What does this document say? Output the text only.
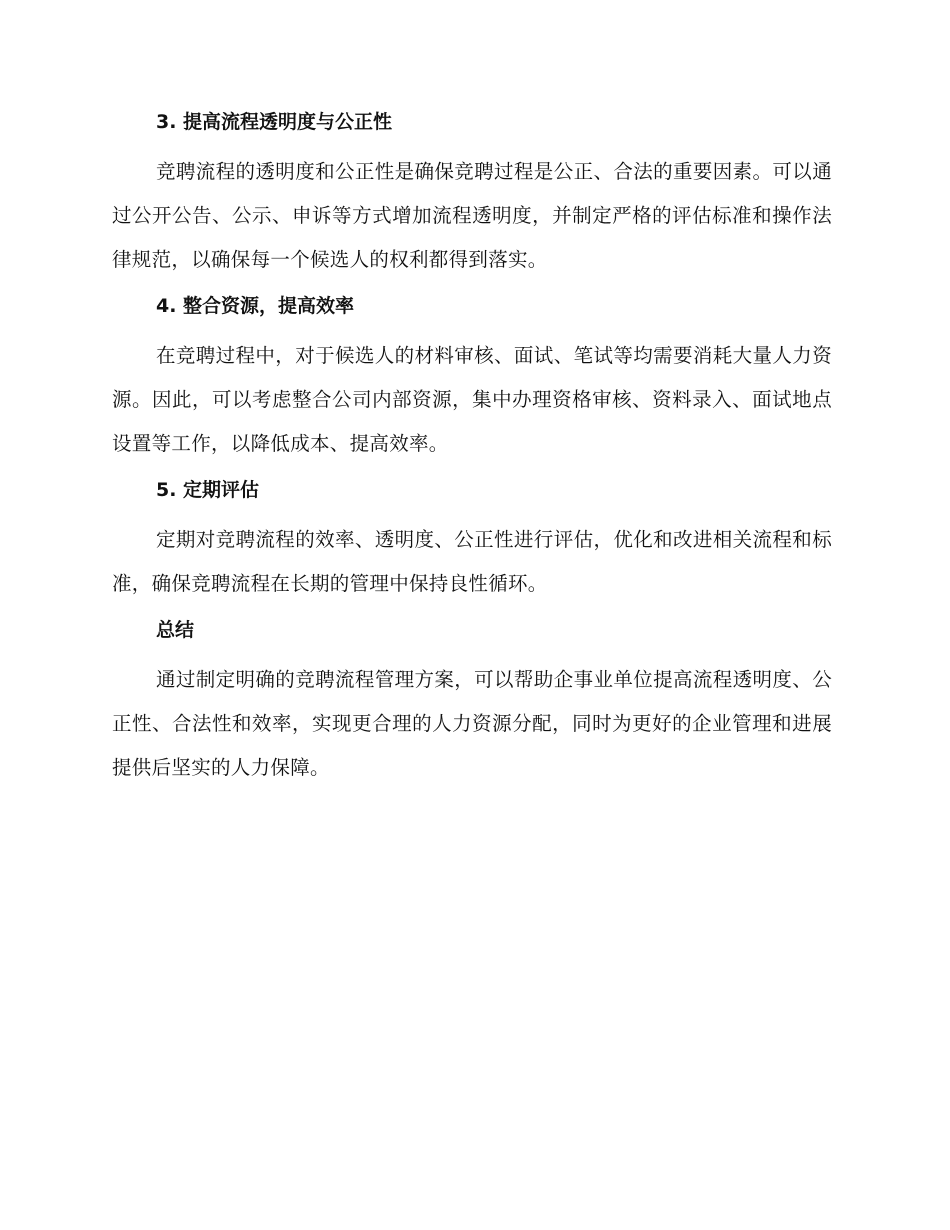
3. 提高流程透明度与公正性
竞聘流程的透明度和公正性是确保竞聘过程是公正、合法的重要因素。可以通过公开公告、公示、申诉等方式增加流程透明度，并制定严格的评估标准和操作法律规范，以确保每一个候选人的权利都得到落实。
4. 整合资源，提高效率
在竞聘过程中，对于候选人的材料审核、面试、笔试等均需要消耗大量人力资源。因此，可以考虑整合公司内部资源，集中办理资格审核、资料录入、面试地点设置等工作，以降低成本、提高效率。
5. 定期评估
定期对竞聘流程的效率、透明度、公正性进行评估，优化和改进相关流程和标准，确保竞聘流程在长期的管理中保持良性循环。
总结
通过制定明确的竞聘流程管理方案，可以帮助企事业单位提高流程透明度、公正性、合法性和效率，实现更合理的人力资源分配，同时为更好的企业管理和进展提供后坚实的人力保障。
